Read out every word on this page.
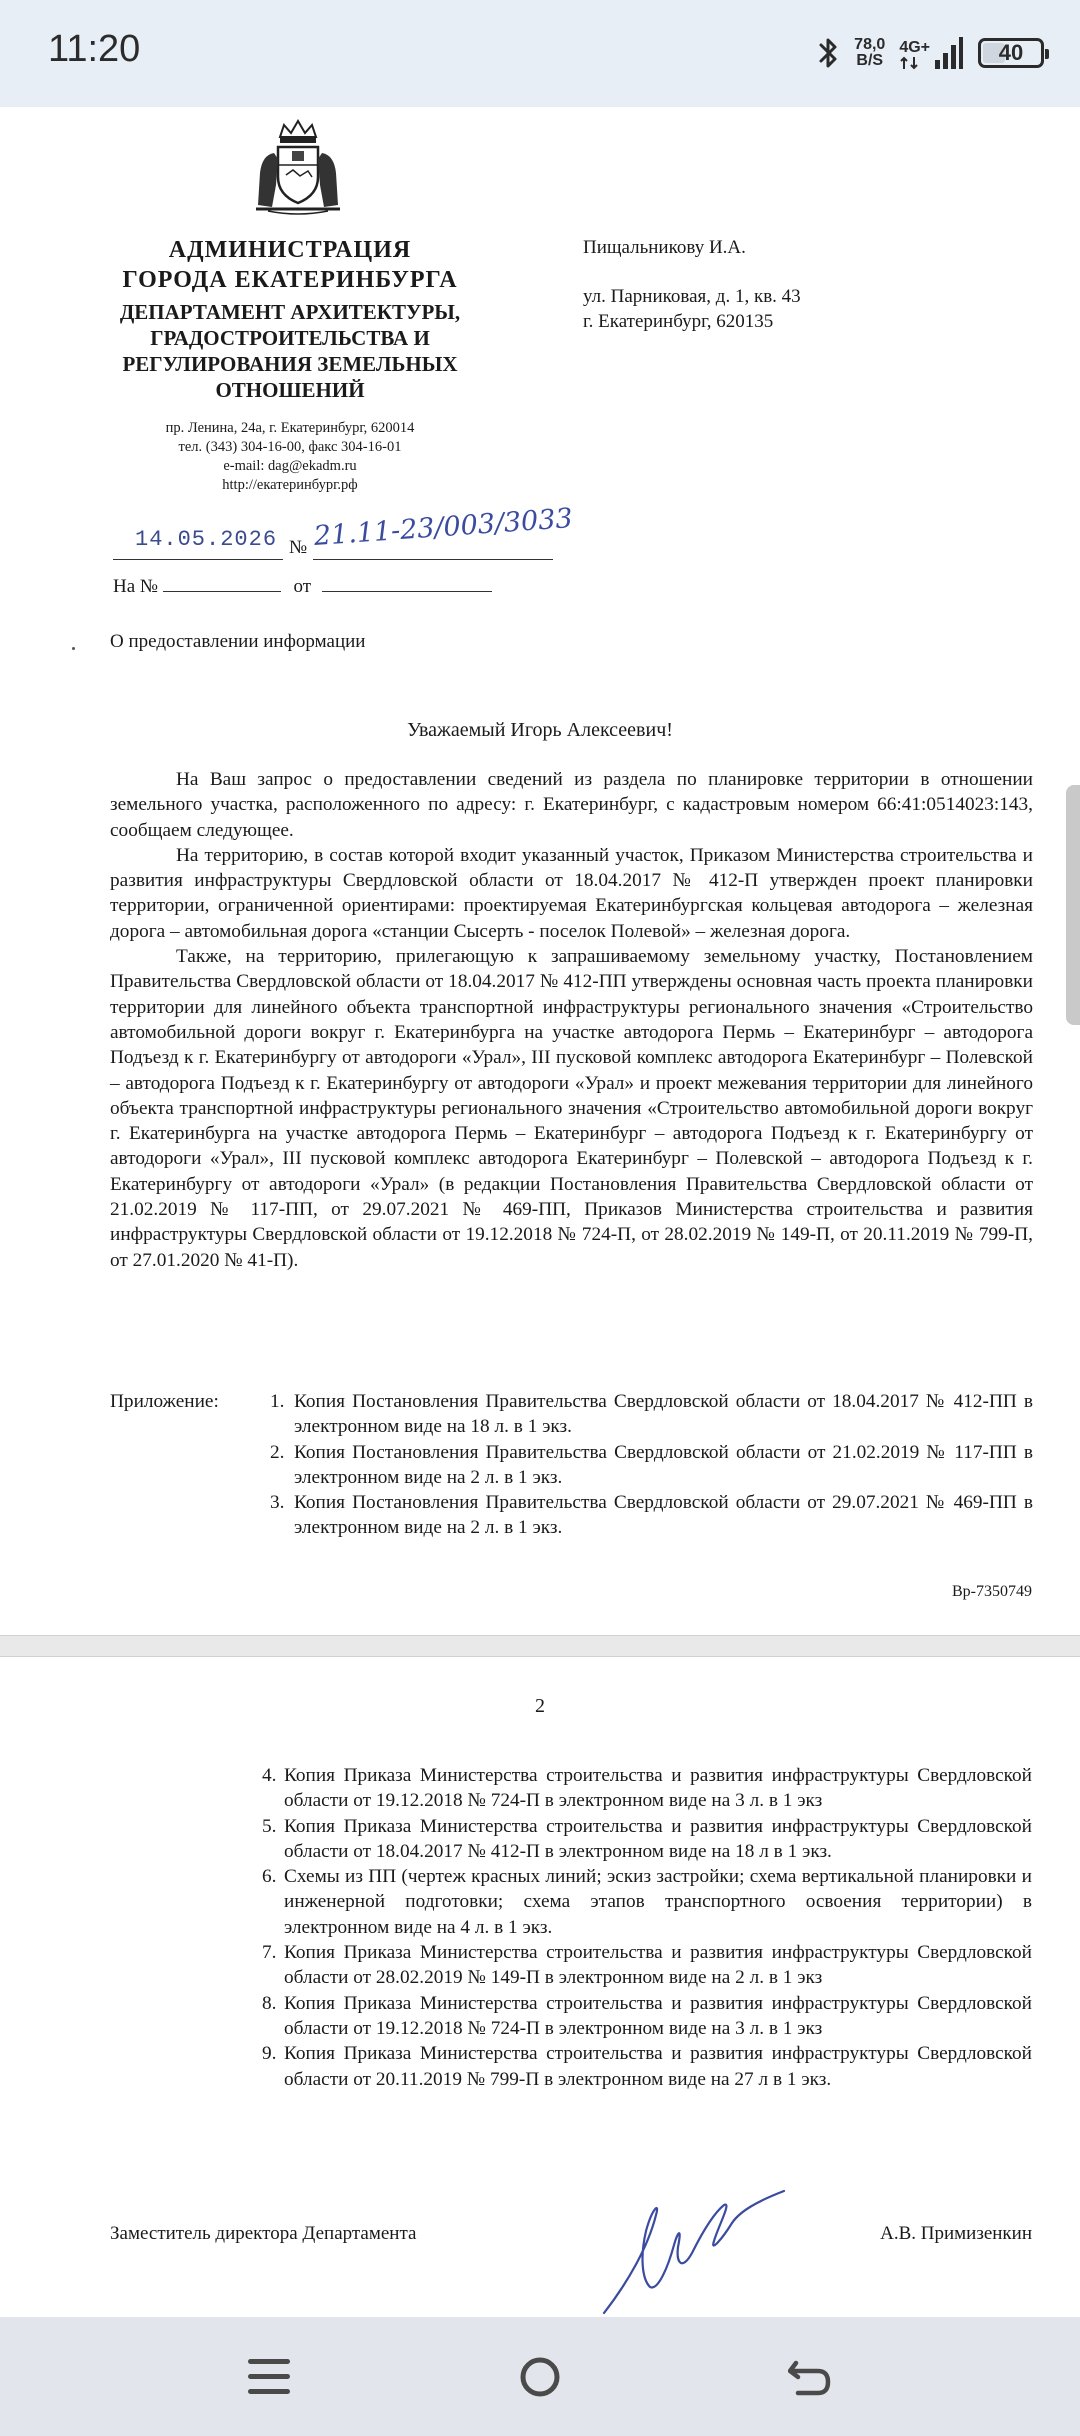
11:20	78,0
B/S
4G+	40
АДМИНИСТРАЦИЯ
ГОРОДА ЕКАТЕРИНБУРГА
ДЕПАРТАМЕНТ АРХИТЕКТУРЫ,
ГРАДОСТРОИТЕЛЬСТВА И
РЕГУЛИРОВАНИЯ ЗЕМЕЛЬНЫХ
ОТНОШЕНИЙ
пр. Ленина, 24а, г. Екатеринбург, 620014
тел. (343) 304-16-00, факс 304-16-01
e-mail: dag@ekadm.ru
http://екатеринбург.рф
Пищальникову И.А.
ул. Парниковая, д. 1, кв. 43
г. Екатеринбург, 620135
14.05.2026 № 21.11-23/003/3033
На №	от
О предоставлении информации
Уважаемый Игорь Алексеевич!

На Ваш запрос о предоставлении сведений из раздела по планировке территории в отношении земельного участка, расположенного по адресу: г. Екатеринбург, с кадастровым номером 66:41:0514023:143, сообщаем следующее.

На территорию, в состав которой входит указанный участок, Приказом Министерства строительства и развития инфраструктуры Свердловской области от 18.04.2017 № 412-П утвержден проект планировки территории, ограниченной ориентирами: проектируемая Екатеринбургская кольцевая автодорога – железная дорога – автомобильная дорога «станции Сысерть - поселок Полевой» – железная дорога.

Также, на территорию, прилегающую к запрашиваемому земельному участку, Постановлением Правительства Свердловской области от 18.04.2017 № 412-ПП утверждены основная часть проекта планировки территории для линейного объекта транспортной инфраструктуры регионального значения «Строительство автомобильной дороги вокруг г. Екатеринбурга на участке автодорога Пермь – Екатеринбург – автодорога Подъезд к г. Екатеринбургу от автодороги «Урал», III пусковой комплекс автодорога Екатеринбург – Полевской – автодорога Подъезд к г. Екатеринбургу от автодороги «Урал» и проект межевания территории для линейного объекта транспортной инфраструктуры регионального значения «Строительство автомобильной дороги вокруг г. Екатеринбурга на участке автодорога Пермь – Екатеринбург – автодорога Подъезд к г. Екатеринбургу от автодороги «Урал», III пусковой комплекс автодорога Екатеринбург – Полевской – автодорога Подъезд к г. Екатеринбургу от автодороги «Урал» (в редакции Постановления Правительства Свердловской области от 21.02.2019 № 117-ПП, от 29.07.2021 № 469-ПП, Приказов Министерства строительства и развития инфраструктуры Свердловской области от 19.12.2018 № 724-П, от 28.02.2019 № 149-П, от 20.11.2019 № 799-П, от 27.01.2020 № 41-П).

Приложение:	1. Копия Постановления Правительства Свердловской области от 18.04.2017 № 412-ПП в электронном виде на 18 л. в 1 экз.
2. Копия Постановления Правительства Свердловской области от 21.02.2019 № 117-ПП в электронном виде на 2 л. в 1 экз.
3. Копия Постановления Правительства Свердловской области от 29.07.2021 № 469-ПП в электронном виде на 2 л. в 1 экз.
Вр-7350749
2
4. Копия Приказа Министерства строительства и развития инфраструктуры Свердловской области от 19.12.2018 № 724-П в электронном виде на 3 л. в 1 экз
5. Копия Приказа Министерства строительства и развития инфраструктуры Свердловской области от 18.04.2017 № 412-П в электронном виде на 18 л в 1 экз.
6. Схемы из ПП (чертеж красных линий; эскиз застройки; схема вертикальной планировки и инженерной подготовки; схема этапов транспортного освоения территории) в электронном виде на 4 л. в 1 экз.
7. Копия Приказа Министерства строительства и развития инфраструктуры Свердловской области от 28.02.2019 № 149-П в электронном виде на 2 л. в 1 экз
8. Копия Приказа Министерства строительства и развития инфраструктуры Свердловской области от 19.12.2018 № 724-П в электронном виде на 3 л. в 1 экз
9. Копия Приказа Министерства строительства и развития инфраструктуры Свердловской области от 20.11.2019 № 799-П в электронном виде на 27 л в 1 экз.
Заместитель директора Департамента	А.В. Примизенкин
